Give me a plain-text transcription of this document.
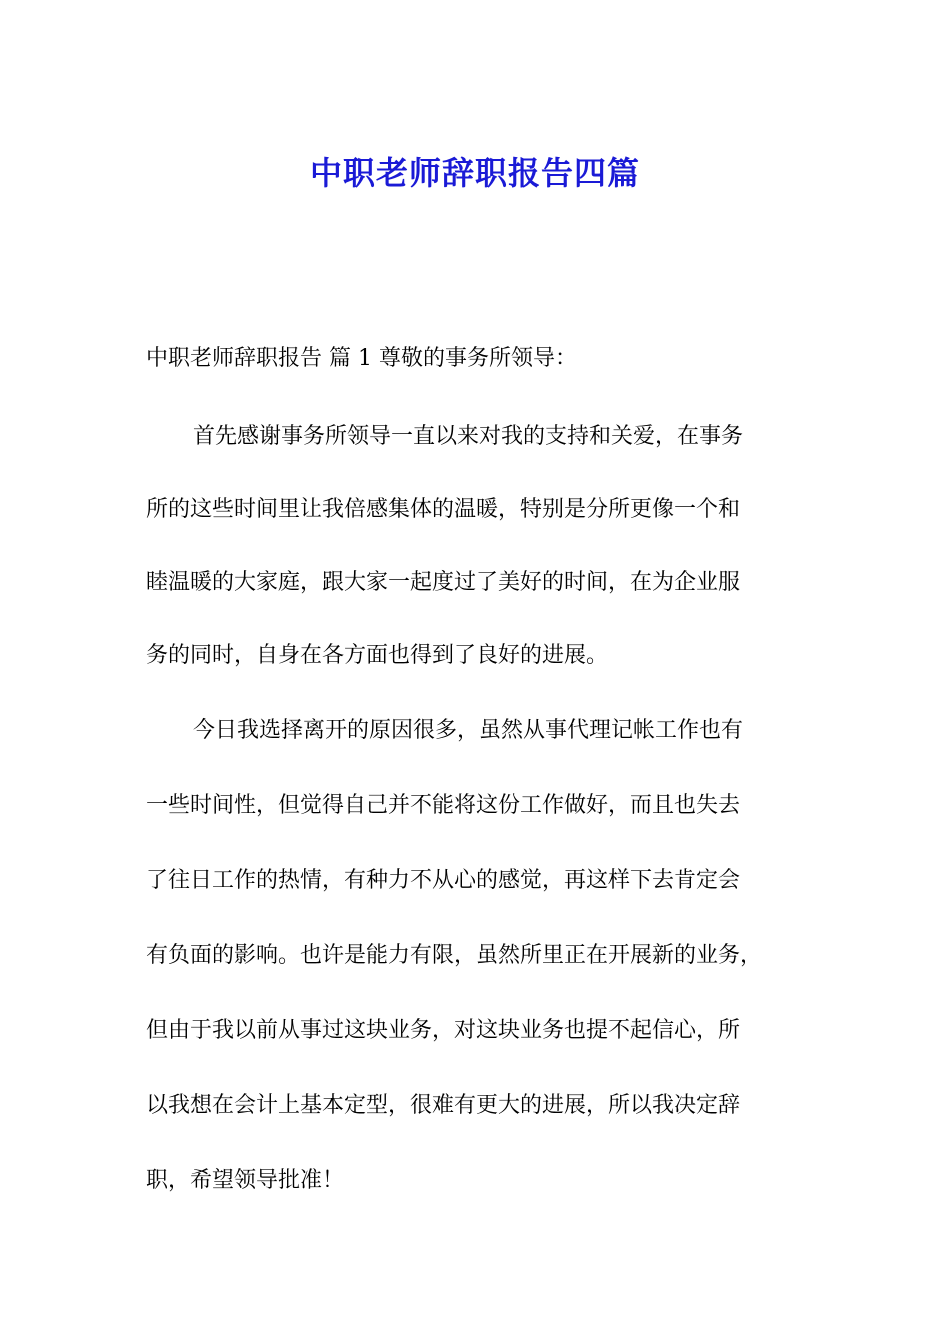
中职老师辞职报告四篇

中职老师辞职报告 篇 1 尊敬的事务所领导：

首先感谢事务所领导一直以来对我的支持和关爱，在事务

所的这些时间里让我倍感集体的温暖，特别是分所更像一个和

睦温暖的大家庭，跟大家一起度过了美好的时间，在为企业服

务的同时，自身在各方面也得到了良好的进展。

今日我选择离开的原因很多，虽然从事代理记帐工作也有

一些时间性，但觉得自己并不能将这份工作做好，而且也失去

了往日工作的热情，有种力不从心的感觉，再这样下去肯定会

有负面的影响。也许是能力有限，虽然所里正在开展新的业务，

但由于我以前从事过这块业务，对这块业务也提不起信心，所

以我想在会计上基本定型，很难有更大的进展，所以我决定辞

职，希望领导批准！
